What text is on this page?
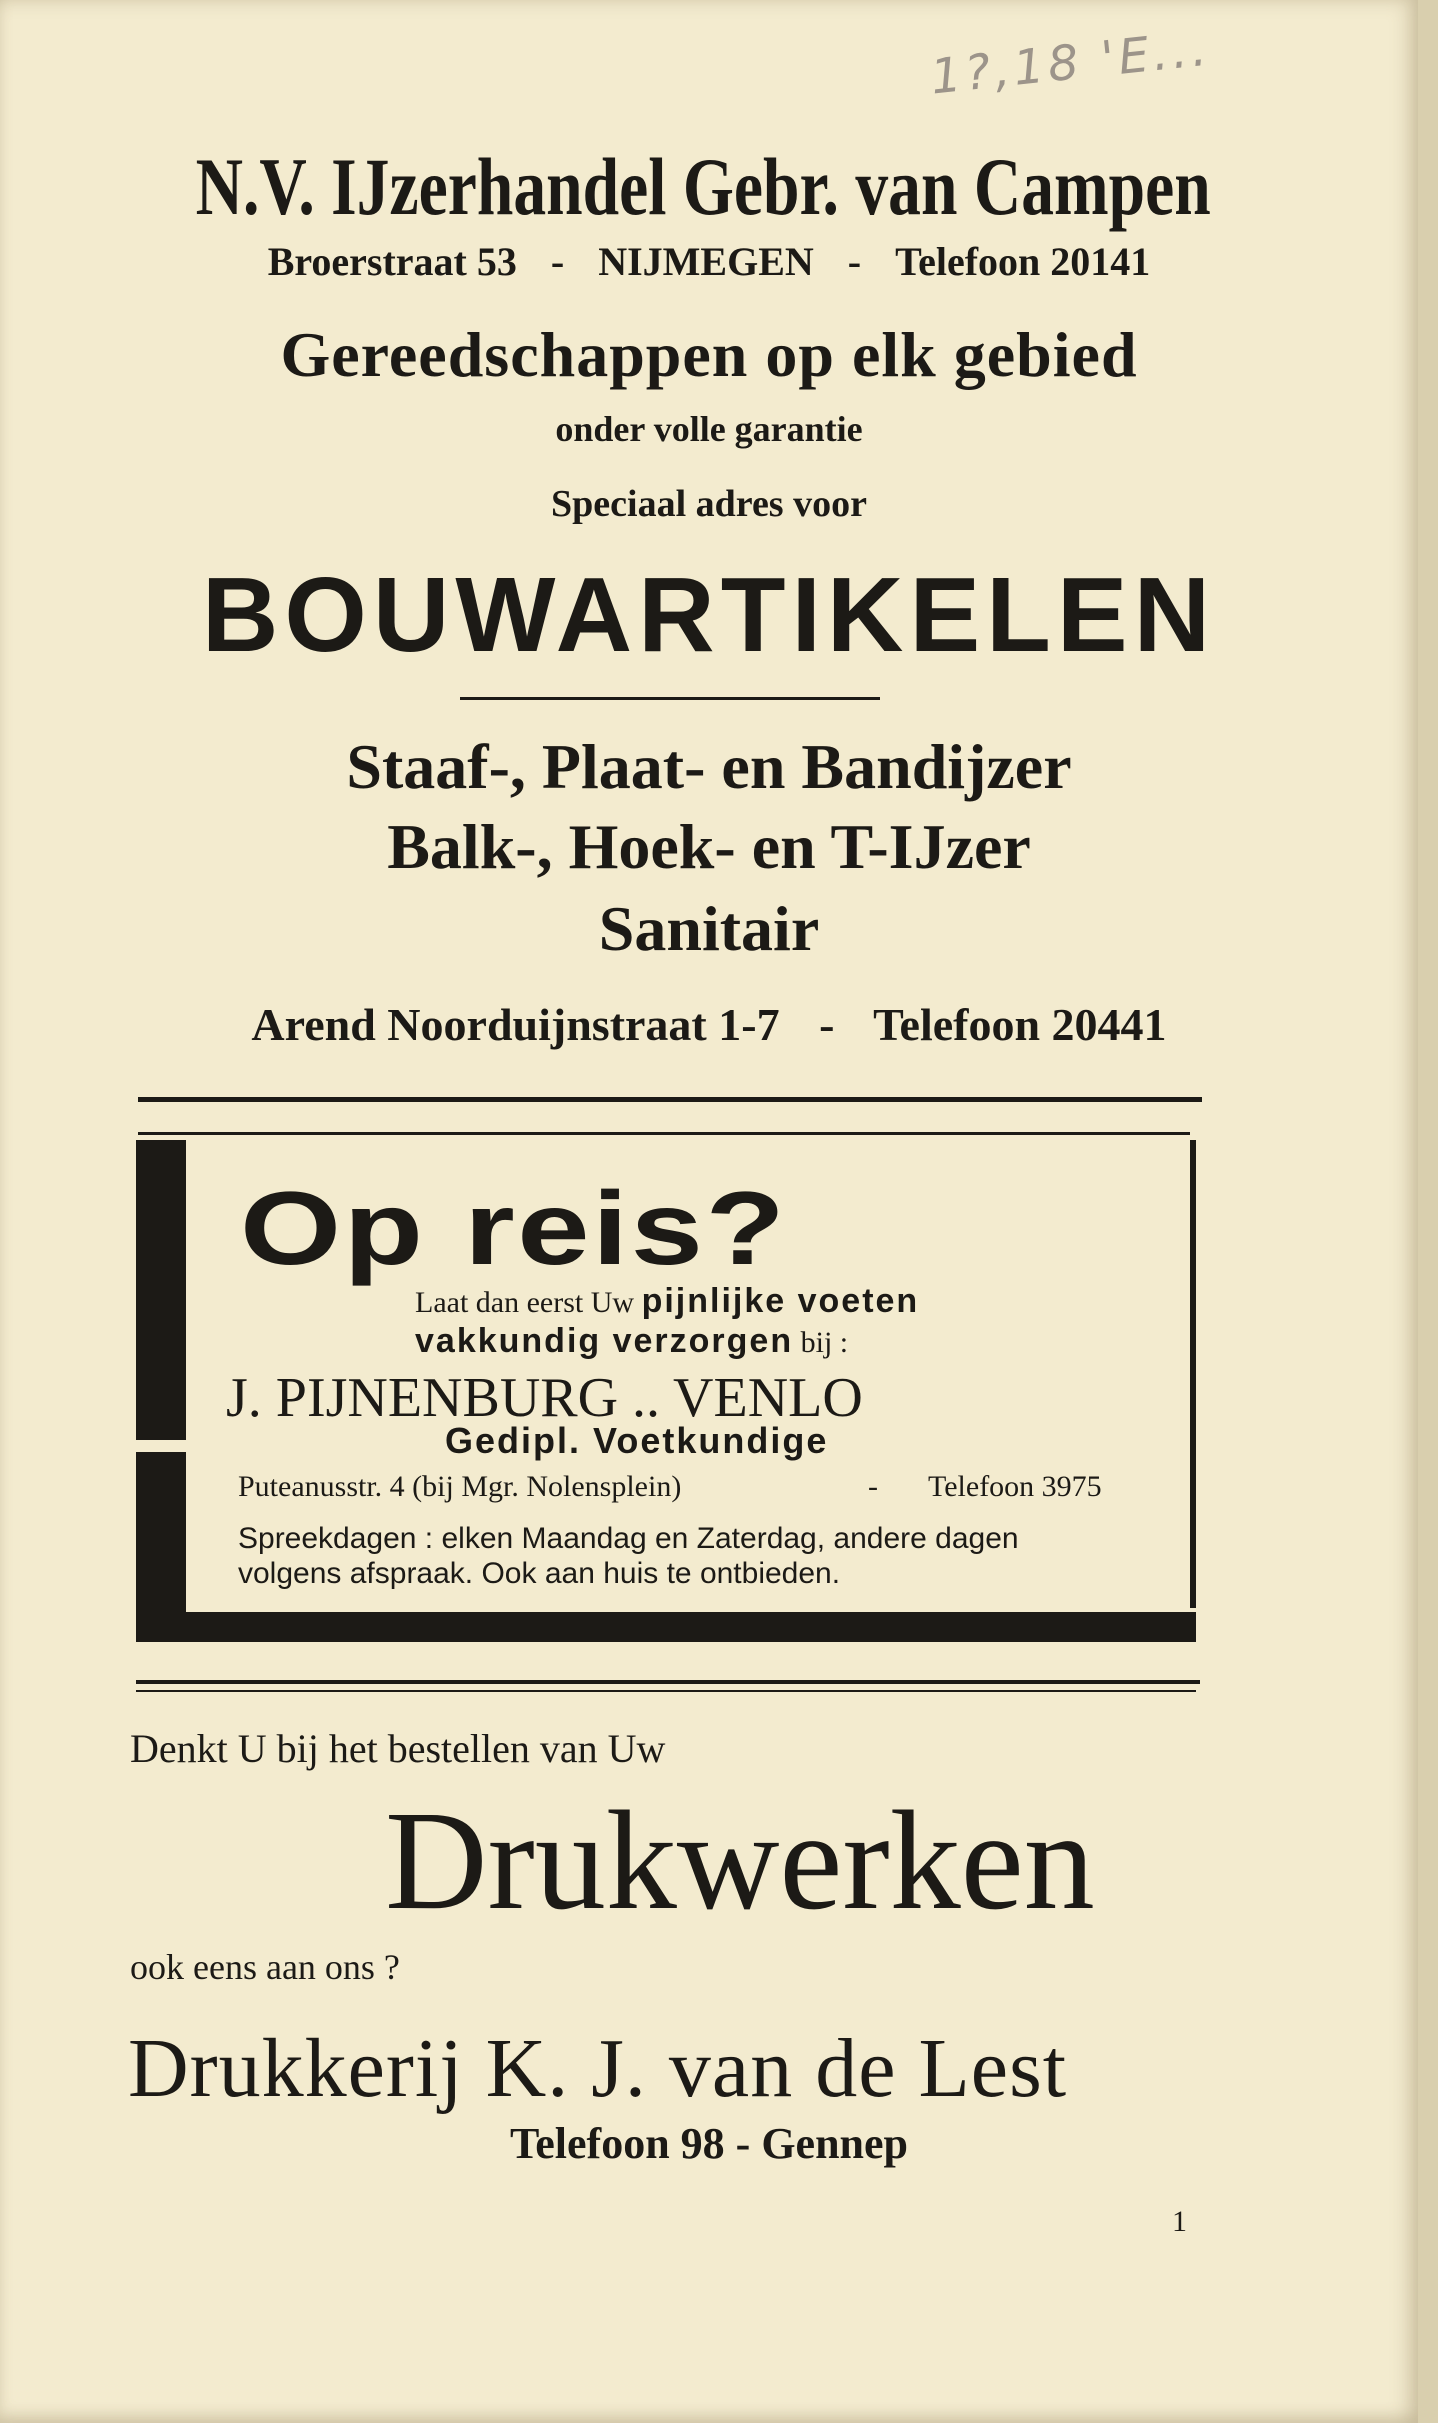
1?,18 'E...
N.V. IJzerhandel Gebr. van Campen
Broerstraat 53 - NIJMEGEN - Telefoon 20141
Gereedschappen op elk gebied
onder volle garantie
Speciaal adres voor
BOUWARTIKELEN
Staaf-, Plaat- en Bandijzer
Balk-, Hoek- en T-IJzer
Sanitair
Arend Noorduijnstraat 1-7 - Telefoon 20441
Op reis?
Laat dan eerst Uw pijnlijke voeten
vakkundig verzorgen bij :
J. PIJNENBURG .. VENLO
Gedipl. Voetkundige
Puteanusstr. 4 (bij Mgr. Nolensplein)	- Telefoon 3975
Spreekdagen : elken Maandag en Zaterdag, andere dagen
volgens afspraak. Ook aan huis te ontbieden.
Denkt U bij het bestellen van Uw
Drukwerken
ook eens aan ons ?
Drukkerij K. J. van de Lest
Telefoon 98 - Gennep
1
